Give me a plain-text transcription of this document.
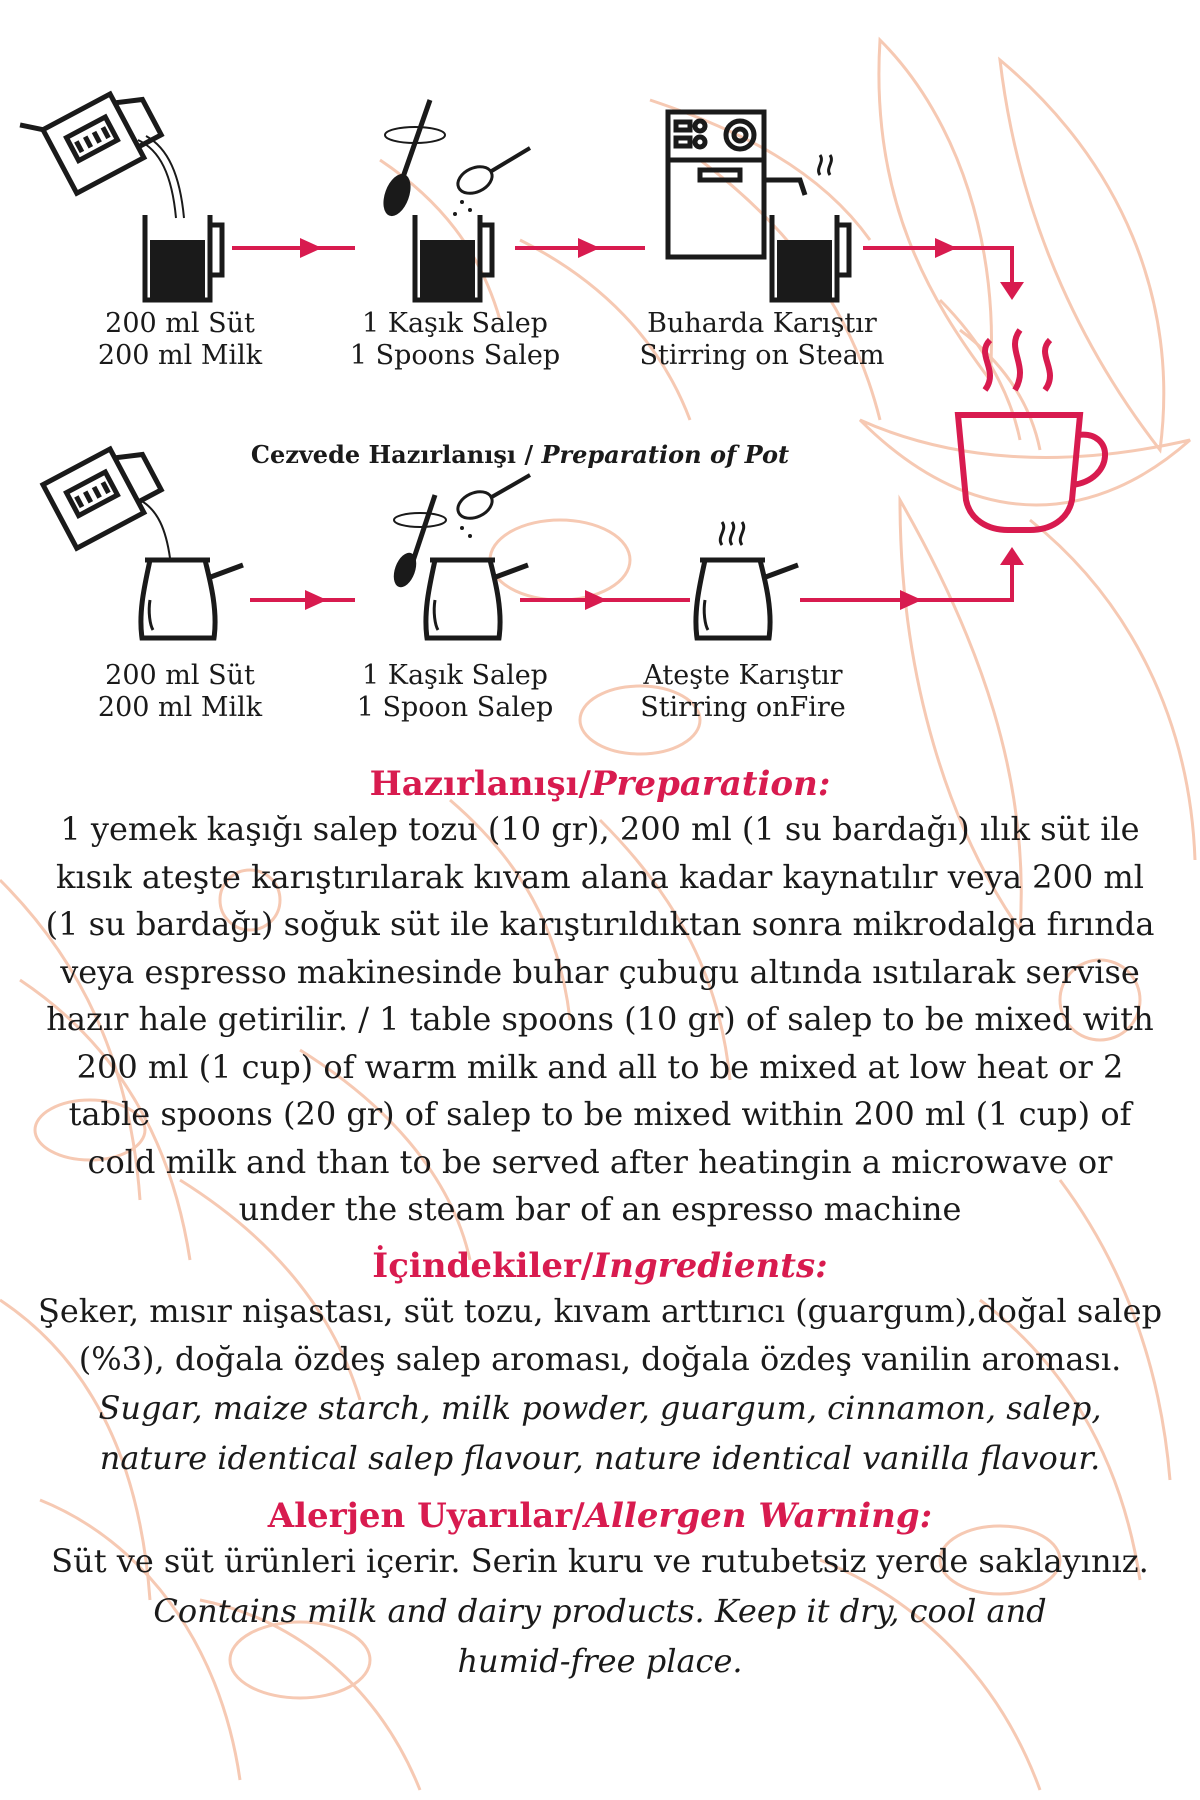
200 ml Süt
200 ml Milk
1 Kaşık Salep
1 Spoons Salep
Buharda Karıştır
Stirring on Steam
Cezvede Hazırlanışı / Preparation of Pot
200 ml Süt
200 ml Milk
1 Kaşık Salep
1 Spoon Salep
Ateşte Karıştır
Stirring onFire
Hazırlanışı/Preparation:
1 yemek kaşığı salep tozu (10 gr), 200 ml (1 su bardağı) ılık süt ile
kısık ateşte karıştırılarak kıvam alana kadar kaynatılır veya 200 ml
(1 su bardağı) soğuk süt ile karıştırıldıktan sonra mikrodalga fırında
veya espresso makinesinde buhar çubugu altında ısıtılarak servise
hazır hale getirilir. / 1 table spoons (10 gr) of salep to be mixed with
200 ml (1 cup) of warm milk and all to be mixed at low heat or 2
table spoons (20 gr) of salep to be mixed within 200 ml (1 cup) of
cold milk and than to be served after heatingin a microwave or
under the steam bar of an espresso machine
İçindekiler/Ingredients:
Şeker, mısır nişastası, süt tozu, kıvam arttırıcı (guargum),doğal salep
(%3), doğala özdeş salep aroması, doğala özdeş vanilin aroması.
Sugar, maize starch, milk powder, guargum, cinnamon, salep,
nature identical salep flavour, nature identical vanilla flavour.
Alerjen Uyarılar/Allergen Warning:
Süt ve süt ürünleri içerir. Serin kuru ve rutubetsiz yerde saklayınız.
Contains milk and dairy products. Keep it dry, cool and
humid-free place.
